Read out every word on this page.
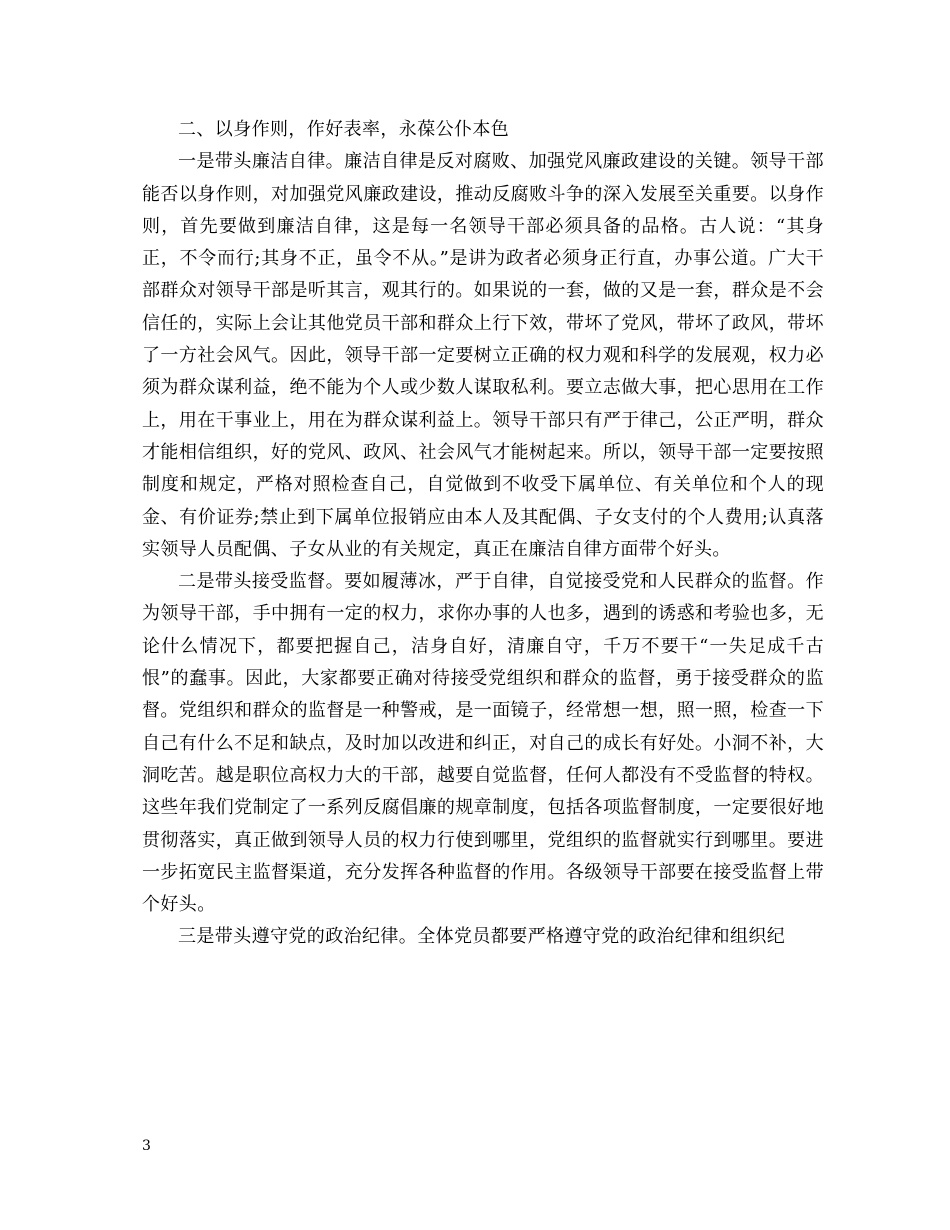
二、以身作则，作好表率，永葆公仆本色

一是带头廉洁自律。廉洁自律是反对腐败、加强党风廉政建设的关键。领导干部能否以身作则，对加强党风廉政建设，推动反腐败斗争的深入发展至关重要。以身作则，首先要做到廉洁自律，这是每一名领导干部必须具备的品格。古人说：“其身正，不令而行;其身不正，虽令不从。”是讲为政者必须身正行直，办事公道。广大干部群众对领导干部是听其言，观其行的。如果说的一套，做的又是一套，群众是不会信任的，实际上会让其他党员干部和群众上行下效，带坏了党风，带坏了政风，带坏了一方社会风气。因此，领导干部一定要树立正确的权力观和科学的发展观，权力必须为群众谋利益，绝不能为个人或少数人谋取私利。要立志做大事，把心思用在工作上，用在干事业上，用在为群众谋利益上。领导干部只有严于律己，公正严明，群众才能相信组织，好的党风、政风、社会风气才能树起来。所以，领导干部一定要按照制度和规定，严格对照检查自己，自觉做到不收受下属单位、有关单位和个人的现金、有价证券;禁止到下属单位报销应由本人及其配偶、子女支付的个人费用;认真落实领导人员配偶、子女从业的有关规定，真正在廉洁自律方面带个好头。

二是带头接受监督。要如履薄冰，严于自律，自觉接受党和人民群众的监督。作为领导干部，手中拥有一定的权力，求你办事的人也多，遇到的诱惑和考验也多，无论什么情况下，都要把握自己，洁身自好，清廉自守，千万不要干“一失足成千古恨”的蠢事。因此，大家都要正确对待接受党组织和群众的监督，勇于接受群众的监督。党组织和群众的监督是一种警戒，是一面镜子，经常想一想，照一照，检查一下自己有什么不足和缺点，及时加以改进和纠正，对自己的成长有好处。小洞不补，大洞吃苦。越是职位高权力大的干部，越要自觉监督，任何人都没有不受监督的特权。这些年我们党制定了一系列反腐倡廉的规章制度，包括各项监督制度，一定要很好地贯彻落实，真正做到领导人员的权力行使到哪里，党组织的监督就实行到哪里。要进一步拓宽民主监督渠道，充分发挥各种监督的作用。各级领导干部要在接受监督上带个好头。

三是带头遵守党的政治纪律。全体党员都要严格遵守党的政治纪律和组织纪

3
